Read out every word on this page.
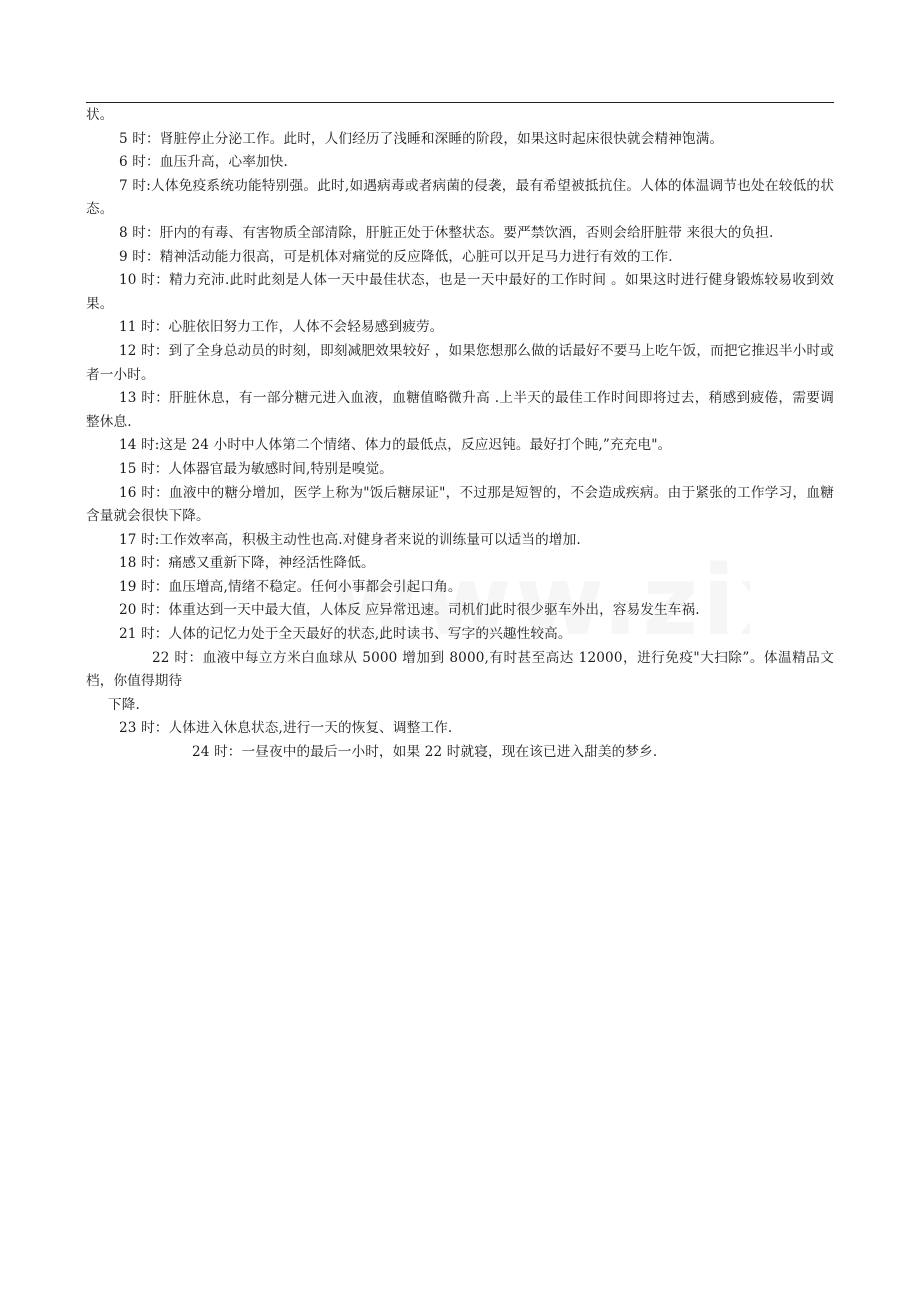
状。

5 时：肾脏停止分泌工作。此时，人们经历了浅睡和深睡的阶段，如果这时起床很快就会精神饱满。

6 时：血压升高，心率加快.

7 时:人体免疫系统功能特别强。此时,如遇病毒或者病菌的侵袭，最有希望被抵抗住。人体的体温调节也处在较低的状态。

8 时：肝内的有毒、有害物质全部清除，肝脏正处于休整状态。要严禁饮酒，否则会给肝脏带 来很大的负担.

9 时：精神活动能力很高，可是机体对痛觉的反应降低，心脏可以开足马力进行有效的工作.

10 时：精力充沛.此时此刻是人体一天中最佳状态，也是一天中最好的工作时间 。如果这时进行健身锻炼较易收到效果。

11 时：心脏依旧努力工作，人体不会轻易感到疲劳。

12 时：到了全身总动员的时刻，即刻减肥效果较好 ，如果您想那么做的话最好不要马上吃午饭，而把它推迟半小时或者一小时。

13 时：肝脏休息，有一部分糖元进入血液，血糖值略微升高 .上半天的最佳工作时间即将过去，稍感到疲倦，需要调整休息.

14 时:这是 24 小时中人体第二个情绪、体力的最低点，反应迟钝。最好打个盹,”充充电"。

15 时：人体器官最为敏感时间,特别是嗅觉。

16 时：血液中的糖分增加，医学上称为"饭后糖尿证"，不过那是短智的，不会造成疾病。由于紧张的工作学习，血糖含量就会很快下降。

17 时:工作效率高，积极主动性也高.对健身者来说的训练量可以适当的增加.

18 时：痛感又重新下降，神经活性降低。

19 时：血压增高,情绪不稳定。任何小事都会引起口角。

20 时：体重达到一天中最大值，人体反 应异常迅速。司机们此时很少驱车外出，容易发生车祸.

21 时：人体的记忆力处于全天最好的状态,此时读书、写字的兴趣性较高。

22 时：血液中每立方米白血球从 5000 增加到 8000,有时甚至高达 12000，进行免疫"大扫除”。体温精品文档，你值得期待

下降.

23 时：人体进入休息状态,进行一天的恢复、调整工作.

24 时：一昼夜中的最后一小时，如果 22 时就寝，现在该已进入甜美的梦乡.
